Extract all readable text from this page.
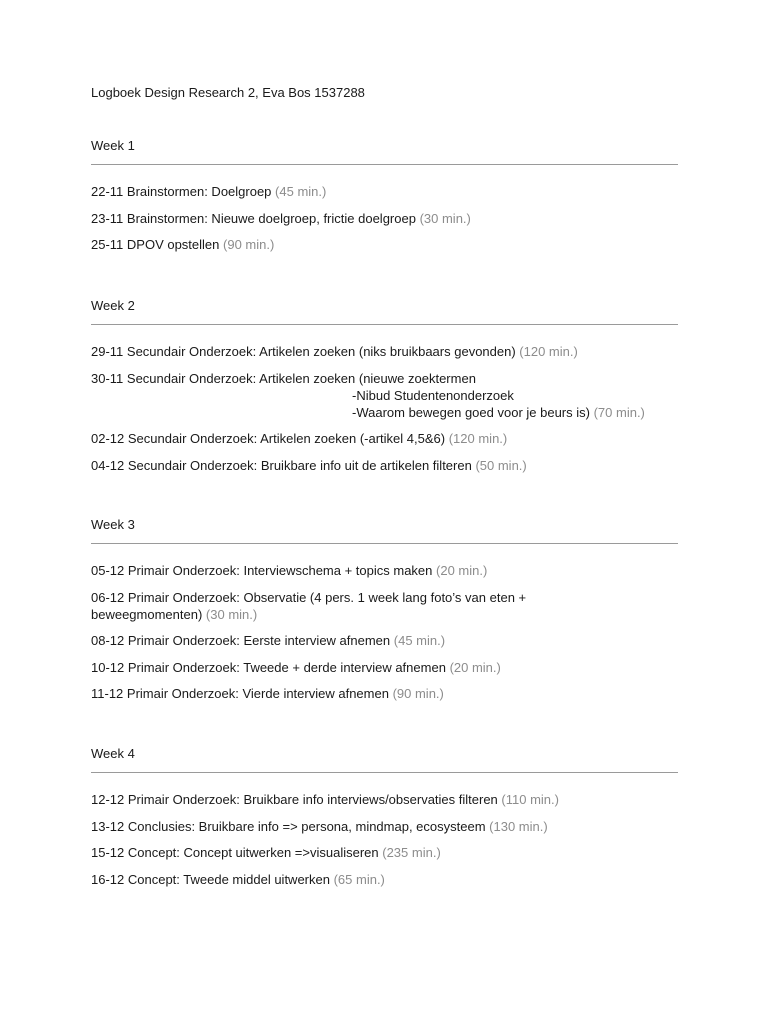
Logboek Design Research 2, Eva Bos 1537288
Week 1
22-11 Brainstormen: Doelgroep (45 min.)
23-11 Brainstormen: Nieuwe doelgroep, frictie doelgroep (30 min.)
25-11 DPOV opstellen (90 min.)
Week 2
29-11 Secundair Onderzoek: Artikelen zoeken (niks bruikbaars gevonden) (120 min.)
30-11 Secundair Onderzoek: Artikelen zoeken (nieuwe zoektermen
-Nibud Studentenonderzoek
-Waarom bewegen goed voor je beurs is) (70 min.)
02-12 Secundair Onderzoek: Artikelen zoeken (-artikel 4,5&6) (120 min.)
04-12 Secundair Onderzoek: Bruikbare info uit de artikelen filteren (50 min.)
Week 3
05-12 Primair Onderzoek: Interviewschema + topics maken (20 min.)
06-12 Primair Onderzoek: Observatie (4 pers. 1 week lang foto’s van eten + beweegmomenten) (30 min.)
08-12 Primair Onderzoek: Eerste interview afnemen (45 min.)
10-12 Primair Onderzoek: Tweede + derde interview afnemen (20 min.)
11-12 Primair Onderzoek: Vierde interview afnemen (90 min.)
Week 4
12-12 Primair Onderzoek: Bruikbare info interviews/observaties filteren (110 min.)
13-12 Conclusies: Bruikbare info => persona, mindmap, ecosysteem (130 min.)
15-12 Concept: Concept uitwerken =>visualiseren (235 min.)
16-12 Concept: Tweede middel uitwerken (65 min.)
